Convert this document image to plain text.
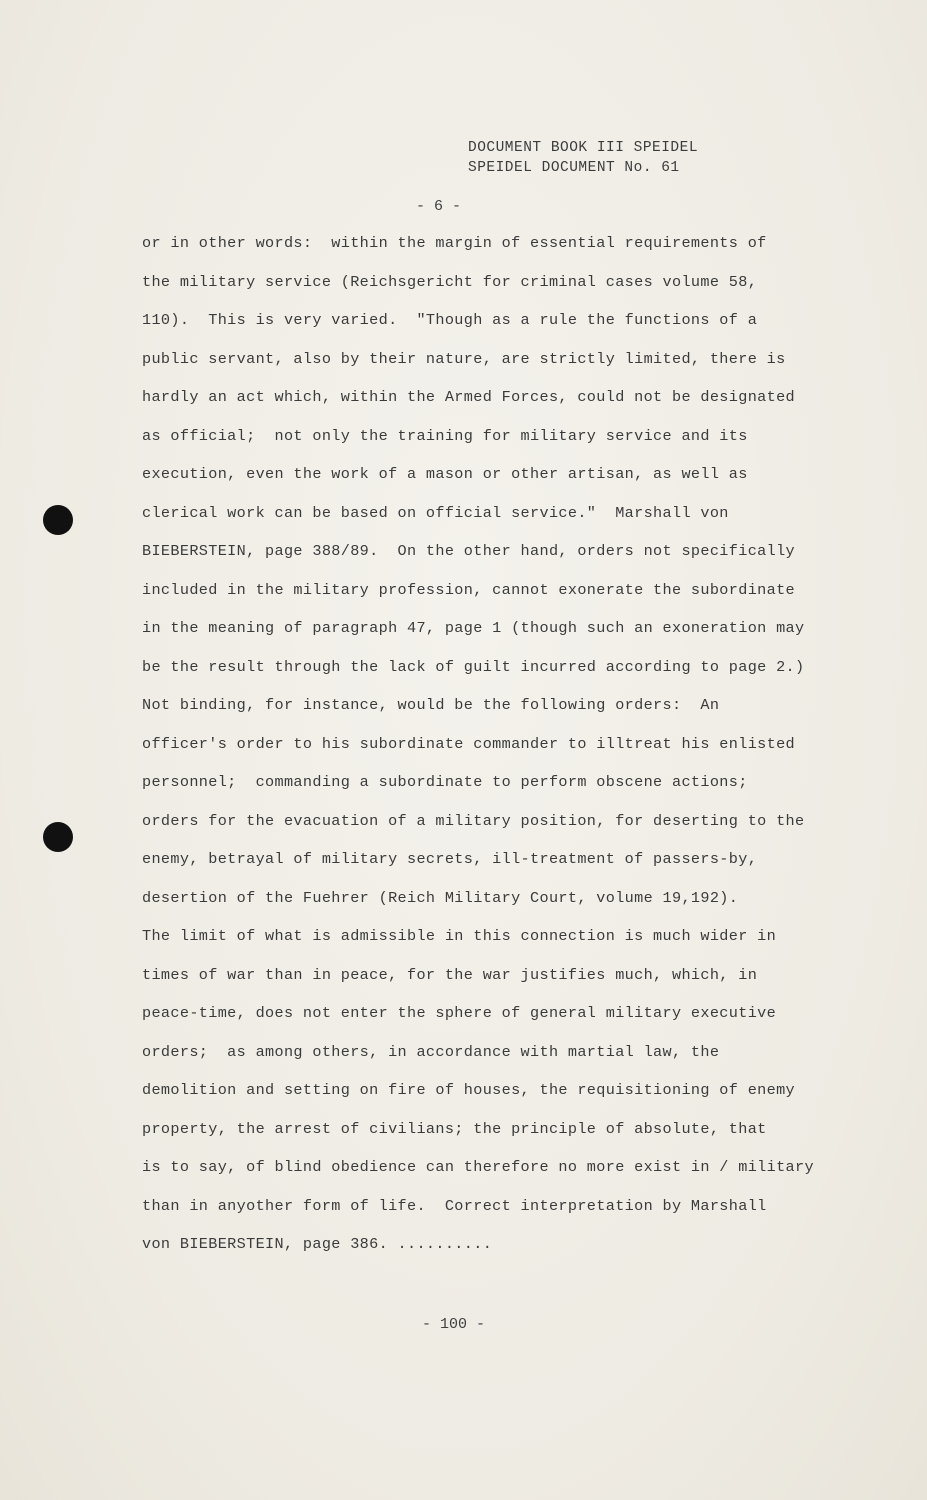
DOCUMENT BOOK III SPEIDEL
SPEIDEL DOCUMENT No. 61
- 6 -
or in other words:  within the margin of essential requirements of
the military service (Reichsgericht for criminal cases volume 58,
110).  This is very varied.  "Though as a rule the functions of a
public servant, also by their nature, are strictly limited, there is
hardly an act which, within the Armed Forces, could not be designated
as official;  not only the training for military service and its
execution, even the work of a mason or other artisan, as well as
clerical work can be based on official service."  Marshall von
BIEBERSTEIN, page 388/89.  On the other hand, orders not specifically
included in the military profession, cannot exonerate the subordinate
in the meaning of paragraph 47, page 1 (though such an exoneration may
be the result through the lack of guilt incurred according to page 2.)
Not binding, for instance, would be the following orders:  An
officer's order to his subordinate commander to illtreat his enlisted
personnel;  commanding a subordinate to perform obscene actions;
orders for the evacuation of a military position, for deserting to the
enemy, betrayal of military secrets, ill-treatment of passers-by,
desertion of the Fuehrer (Reich Military Court, volume 19,192).
The limit of what is admissible in this connection is much wider in
times of war than in peace, for the war justifies much, which, in
peace-time, does not enter the sphere of general military executive
orders;  as among others, in accordance with martial law, the
demolition and setting on fire of houses, the requisitioning of enemy
property, the arrest of civilians; the principle of absolute, that
is to say, of blind obedience can therefore no more exist in / military
than in anyother form of life.  Correct interpretation by Marshall
von BIEBERSTEIN, page 386. ..........
- 100 -
